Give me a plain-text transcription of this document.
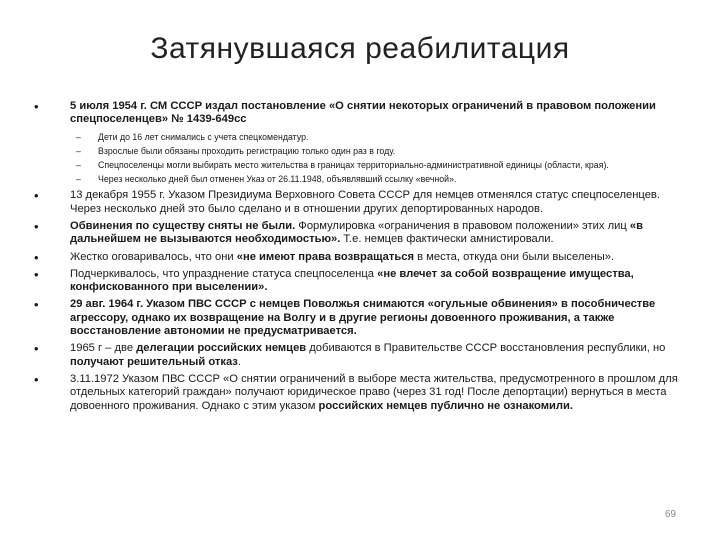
Затянувшаяся реабилитация
•	5 июля 1954 г. СМ СССР издал постановление «О снятии некоторых ограничений в правовом положении спецпоселенцев» № 1439-649сс
– Дети до 16 лет снимались с учета спецкомендатур.
– Взрослые были обязаны проходить регистрацию только один раз в году.
– Спецпоселенцы могли выбирать место жительства в границах территориально-административной единицы (области, края).
– Через несколько дней был отменен Указ от 26.11.1948, объявлявший ссылку «вечной».
•	13 декабря 1955 г. Указом Президиума Верховного Совета СССР для немцев отменялся статус спецпоселенцев. Через несколько дней это было сделано и в отношении других депортированных народов.
•	Обвинения по существу сняты не были. Формулировка «ограничения в правовом положении» этих лиц «в дальнейшем не вызываются необходимостью». Т.е. немцев фактически амнистировали.
•	Жестко оговаривалось, что они «не имеют права возвращаться в места, откуда они были выселены».
•	Подчеркивалось, что упразднение статуса спецпоселенца «не влечет за собой возвращение имущества, конфискованного при выселении».
•	29 авг. 1964 г. Указом ПВС СССР с немцев Поволжья снимаются «огульные обвинения» в пособничестве агрессору, однако их возвращение на Волгу и в другие регионы довоенного проживания, а также восстановление автономии не предусматривается.
•	1965 г – две делегации российских немцев добиваются в Правительстве СССР восстановления республики, но получают решительный отказ.
•	3.11.1972 Указом ПВС СССР «О снятии ограничений в выборе места жительства, предусмотренного в прошлом для отдельных категорий граждан» получают юридическое право (через 31 год! После депортации) вернуться в места довоенного проживания. Однако с этим указом российских немцев публично не ознакомили.
69
